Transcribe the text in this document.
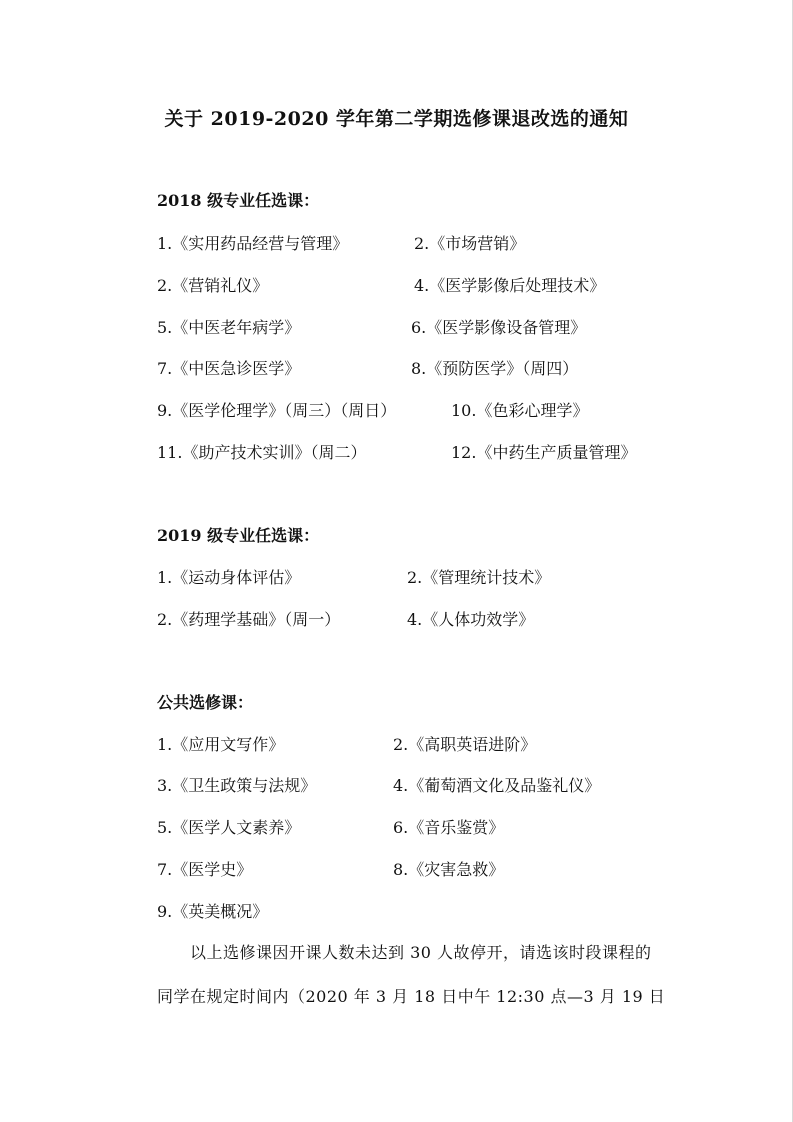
关于 2019-2020 学年第二学期选修课退改选的通知
2018 级专业任选课：
1.《实用药品经营与管理》	2.《市场营销》
2.《营销礼仪》	4.《医学影像后处理技术》
5.《中医老年病学》	6.《医学影像设备管理》
7.《中医急诊医学》	8.《预防医学》（周四）
9.《医学伦理学》（周三）（周日）	10.《色彩心理学》
11.《助产技术实训》（周二）	12.《中药生产质量管理》
2019 级专业任选课：
1.《运动身体评估》	2.《管理统计技术》
2.《药理学基础》（周一）	4.《人体功效学》
公共选修课：
1.《应用文写作》	2.《高职英语进阶》
3.《卫生政策与法规》	4.《葡萄酒文化及品鉴礼仪》
5.《医学人文素养》	6.《音乐鉴赏》
7.《医学史》	8.《灾害急救》
9.《英美概况》
以上选修课因开课人数未达到 30 人故停开，请选该时段课程的
同学在规定时间内（2020 年 3 月 18 日中午 12:30 点—3 月 19 日
